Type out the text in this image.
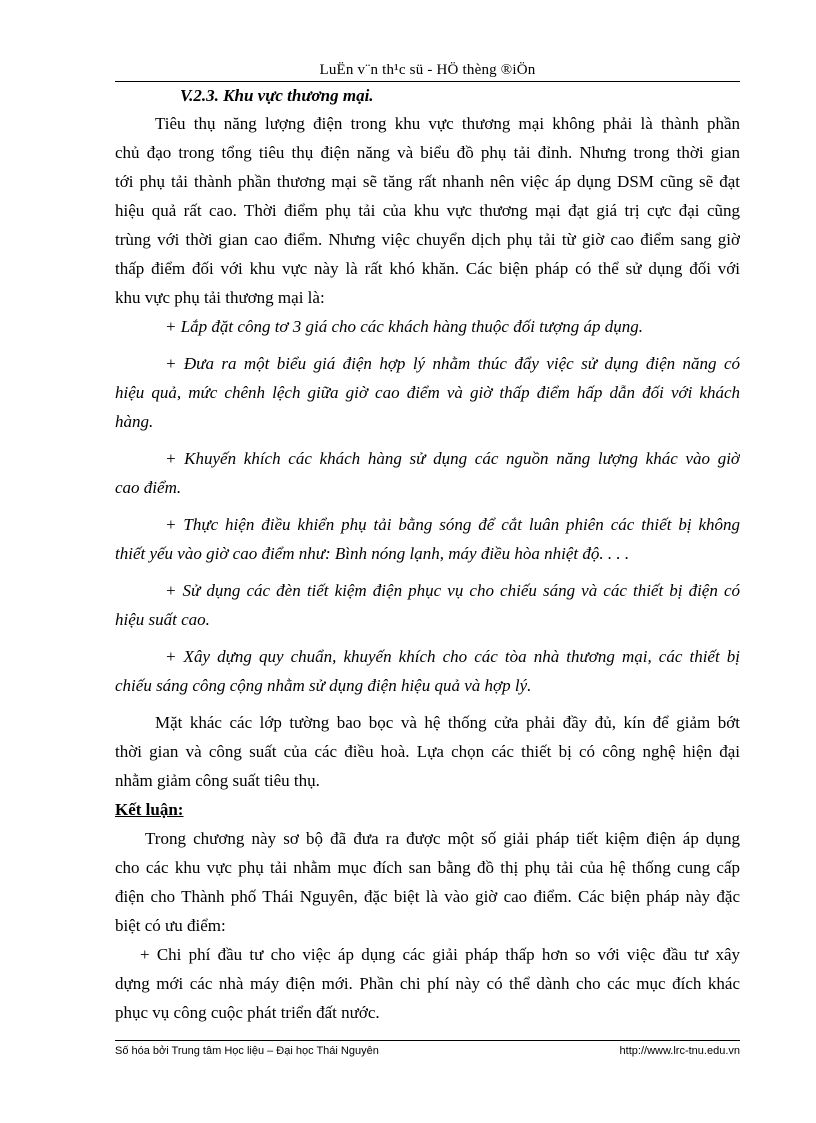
LuËn v¨n th¹c sü - HÖ thèng ®iÖn
V.2.3. Khu vực thương mại.
Tiêu thụ năng lượng điện trong khu vực thương mại không phải là thành phần
chủ đạo trong tổng tiêu thụ điện năng và biểu đồ phụ tải đỉnh. Nhưng trong thời gian
tới phụ tải thành phần thương mại sẽ tăng rất nhanh nên việc áp dụng DSM cũng sẽ đạt
hiệu quả rất cao. Thời điểm phụ tải của khu vực thương mại đạt giá trị cực đại cũng
trùng với thời gian cao điểm. Nhưng việc chuyển dịch phụ tải từ giờ cao điểm sang giờ
thấp điểm đối với khu vực này là rất khó khăn. Các biện pháp có thể sử dụng đối với
khu vực phụ tải thương mại là:
+ Lắp đặt công tơ 3 giá cho các khách hàng thuộc đối tượng áp dụng.
+ Đưa ra một biểu giá điện hợp lý nhằm thúc đẩy việc sử dụng điện năng có
hiệu quả, mức chênh lệch giữa giờ cao điểm và giờ thấp điểm hấp dẫn đối với khách
hàng.
+ Khuyến khích các khách hàng sử dụng các nguồn năng lượng khác vào giờ
cao điểm.
+ Thực hiện điều khiển phụ tải bằng sóng để cắt luân phiên các thiết bị không
thiết yếu vào giờ cao điểm như: Bình nóng lạnh, máy điều hòa nhiệt độ. . . .
+ Sử dụng các đèn tiết kiệm điện phục vụ cho chiếu sáng và các thiết bị điện có
hiệu suất cao.
+ Xây dựng quy chuẩn, khuyến khích cho các tòa nhà thương mại, các thiết bị
chiếu sáng công cộng nhằm sử dụng điện hiệu quả và hợp lý.
Mặt khác các lớp tường bao bọc và hệ thống cửa phải đầy đủ, kín để giảm bớt
thời gian và công suất của các điều hoà. Lựa chọn các thiết bị có công nghệ hiện đại
nhằm giảm công suất tiêu thụ.
Kết luận:
Trong chương này sơ bộ đã đưa ra được một số giải pháp tiết kiệm điện áp dụng
cho các khu vực phụ tải nhằm mục đích san bằng đồ thị phụ tải của hệ thống cung cấp
điện cho Thành phố Thái Nguyên, đặc biệt là vào giờ cao điểm. Các biện pháp này đặc
biệt có ưu điểm:
+ Chi phí đầu tư cho việc áp dụng các giải pháp thấp hơn so với việc đầu tư xây
dựng mới các nhà máy điện mới. Phần chi phí này có thể dành cho các mục đích khác
phục vụ công cuộc phát triển đất nước.
Số hóa bởi Trung tâm Học liệu – Đại học Thái Nguyên	http://www.lrc-tnu.edu.vn
